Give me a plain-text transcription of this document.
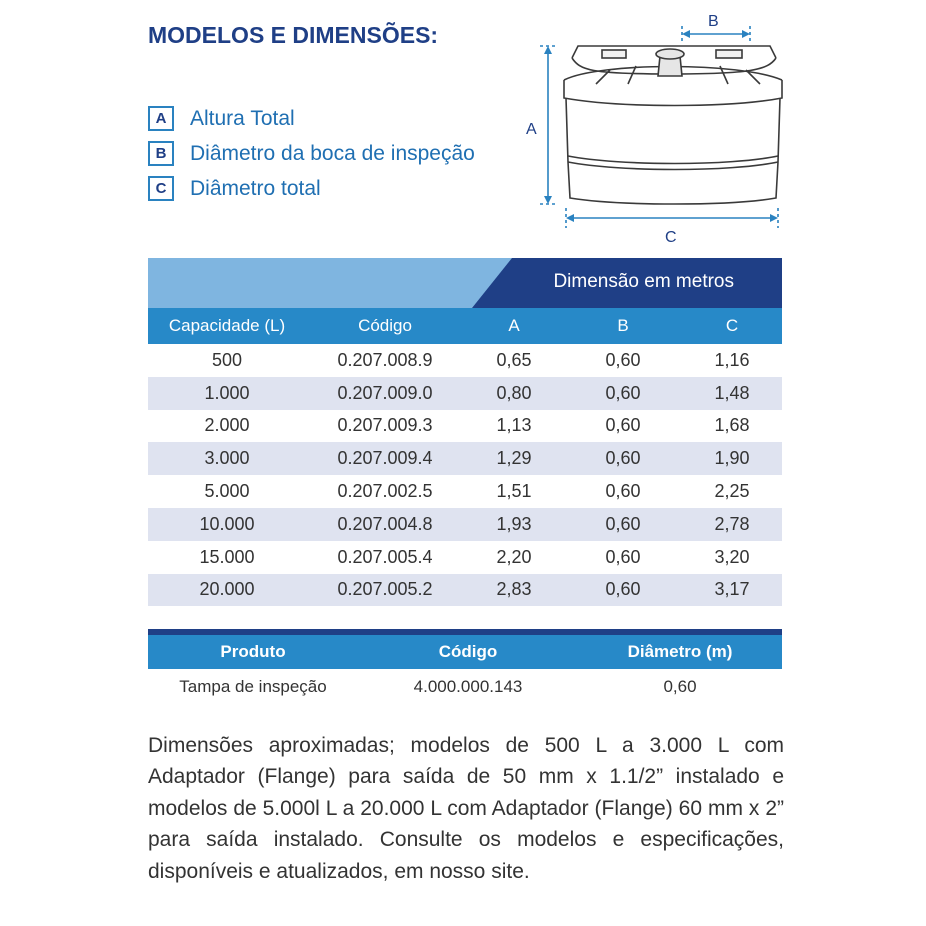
MODELOS E DIMENSÕES:
A	Altura Total
B	Diâmetro da boca de inspeção
C	Diâmetro total
A
B
C
Dimensão em metros
Capacidade (L)	Código	A	B	C
500	0.207.008.9	0,65	0,60	1,16
1.000	0.207.009.0	0,80	0,60	1,48
2.000	0.207.009.3	1,13	0,60	1,68
3.000	0.207.009.4	1,29	0,60	1,90
5.000	0.207.002.5	1,51	0,60	2,25
10.000	0.207.004.8	1,93	0,60	2,78
15.000	0.207.005.4	2,20	0,60	3,20
20.000	0.207.005.2	2,83	0,60	3,17
Produto	Código	Diâmetro (m)
Tampa de inspeção	4.000.000.143	0,60

Dimensões aproximadas; modelos de 500 L a 3.000 L com Adaptador (Flange) para saída de 50 mm x 1.1/2” instalado e modelos de 5.000l L a 20.000 L com Adaptador (Flange) 60 mm x 2” para saída instalado. Consulte os modelos e especificações, disponíveis e atualizados, em nosso site.
